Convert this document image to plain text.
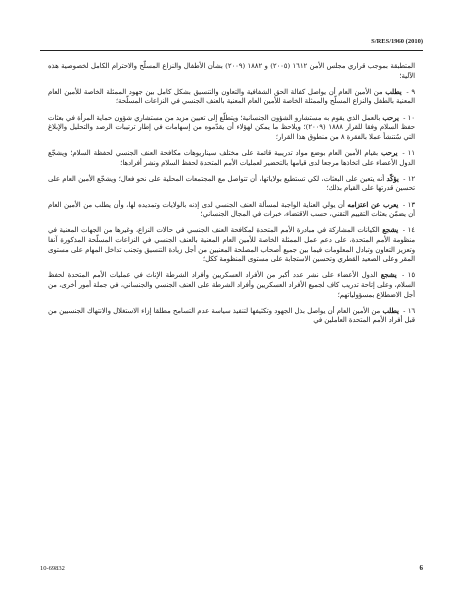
S/RES/1960 (2010)

المتطبقة بموجب قراري مجلس الأمن ١٦١٢ (٢٠٠٥) و ١٨٨٢ (٢٠٠٩) بشأن الأطفال والنزاع المسلّح والاحترام الكامل لخصوصية هذه الآلية؛

٩ - يطلب من الأمين العام أن يواصل كفالة الحق الشفافية والتعاون والتنسيق بشكل كامل بين جهود الممثلة الخاصة للأمين العام المعنية بالطفل والنزاع المسلّح والممثلة الخاصة للأمين العام المعنية بالعنف الجنسي في النزاعات المسلّحة؛

١٠ - يرحب بالعمل الذي يقوم به مستشارو الشؤون الجنسانية؛ ويتطلّع إلى تعيين مزيد من مستشاري شؤون حماية المرأة في بعثات حفظ السلام وفقا للقرار ١٨٨٨ (٢٠٠٩)؛ ويلاحظ ما يمكن لهؤلاء أن يقدّموه من إسهامات في إطار ترتيبات الرصد والتحليل والإبلاغ التي سُتنشأ عملا بالفقرة ٨ من منطوق هذا القرار؛

١١ - يرحب بقيام الأمين العام بوضع مواد تدريبية قائمة على مختلف سيناريوهات مكافحة العنف الجنسي لحفظة السلام؛ ويشجّع الدول الأعضاء على اتخاذها مرجعا لدى قيامها بالتحضير لعمليات الأمم المتحدة لحفظ السلام ونشر أفرادها؛

١٢ - يؤكّد أنه يتعين على البعثات، لكي تستطيع بولاياتها، أن تتواصل مع المجتمعات المحلية على نحو فعال؛ ويشجّع الأمين العام على تحسين قدرتها على القيام بذلك؛

١٣ - يعرب عن اعتزامه أن يولي العناية الواجبة لمسألة العنف الجنسي لدى إذنه بالولايات وتمديده لها، وأن يطلب من الأمين العام أن يضمّن بعثات التقييم التقني، حسب الاقتضاء، خبرات في المجال الجنساني؛

١٤ - يشجع الكيانات المشاركة في مبادرة الأمم المتحدة لمكافحة العنف الجنسي في حالات النزاع، وغيرها من الجهات المعنية في منظومة الأمم المتحدة، على دعم عمل الممثلة الخاصة للأمين العام المعنية بالعنف الجنسي في النزاعات المسلّحة المذكورة آنفا وتعزيز التعاون وتبادل المعلومات فيما بين جميع أصحاب المصلحة المعنيين من أجل زيادة التنسيق وتجنب تداخل المهام على مستوى المقر وعلى الصعيد القطري وتحسين الاستجابة على مستوى المنظومة ككل؛

١٥ - يشجع الدول الأعضاء على نشر عدد أكبر من الأفراد العسكريين وأفراد الشرطة الإناث في عمليات الأمم المتحدة لحفظ السلام، وعلى إتاحة تدريب كاف لجميع الأفراد العسكريين وأفراد الشرطة على العنف الجنسي والجنساني، في جملة أمور أخرى، من أجل الاضطلاع بمسؤولياتهم؛

١٦ - يطلب من الأمين العام أن يواصل بذل الجهود وتكثيفها لتنفيذ سياسة عدم التسامح مطلقا إزاء الاستغلال والانتهاك الجنسيين من قبل أفراد الأمم المتحدة العاملين في

10-69832	6
